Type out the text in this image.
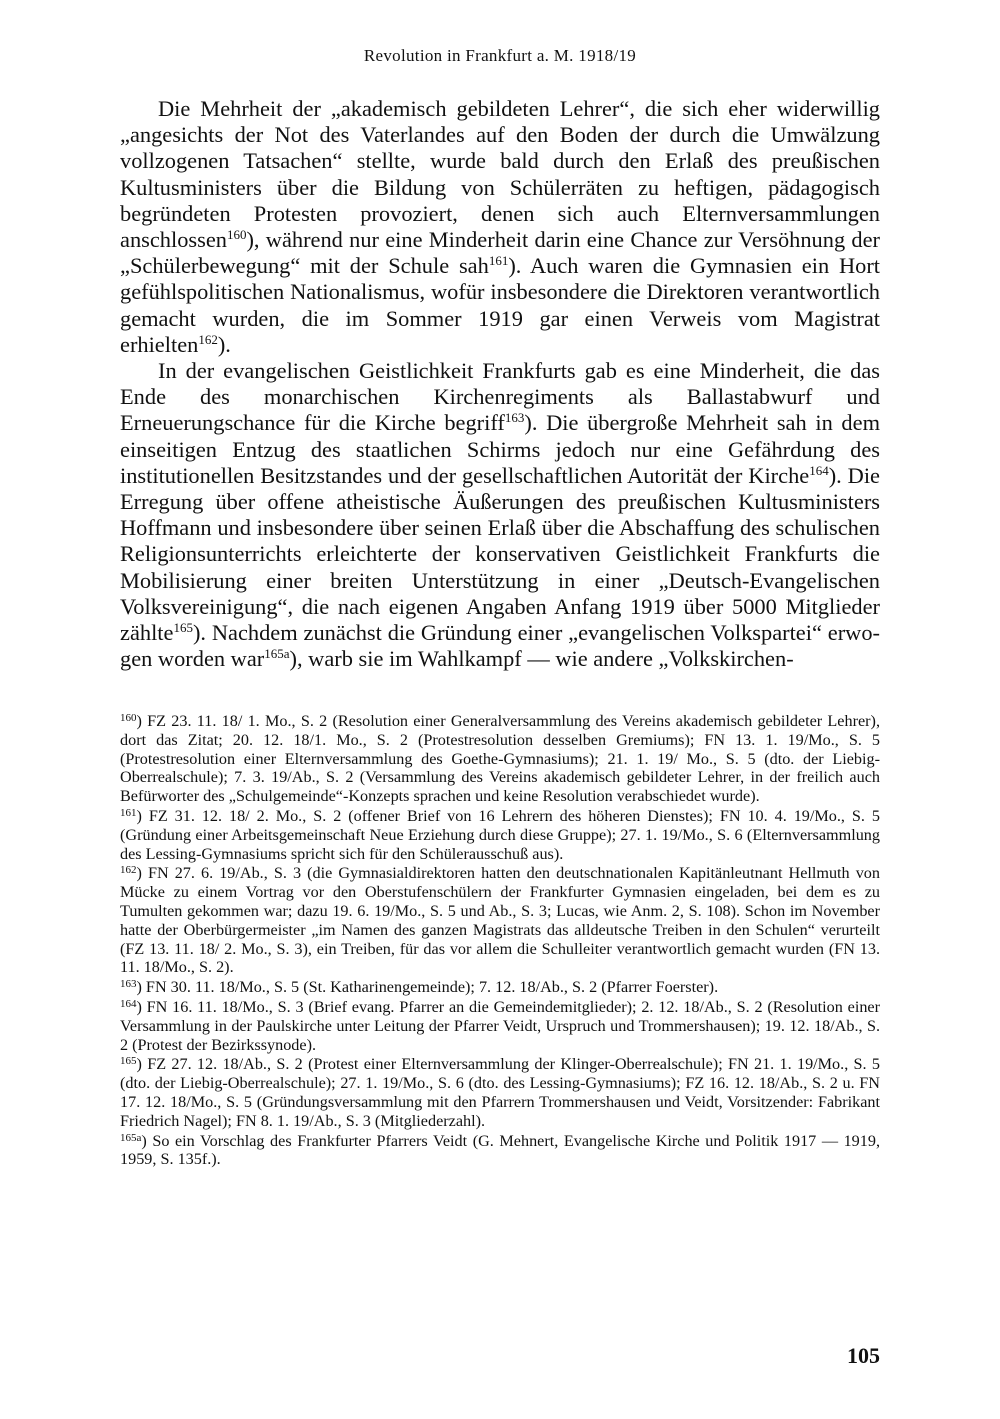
Revolution in Frankfurt a. M. 1918/19

Die Mehrheit der „akademisch gebildeten Lehrer“, die sich eher widerwillig „angesichts der Not des Vaterlandes auf den Boden der durch die Umwälzung vollzogenen Tatsachen“ stellte, wurde bald durch den Erlaß des preußischen Kultusministers über die Bildung von Schülerräten zu heftigen, pädagogisch begründeten Protesten provoziert, denen sich auch Elternversammlungen anschlossen$^{160}$), während nur eine Minderheit darin eine Chance zur Versöhnung der „Schülerbewegung“ mit der Schule sah$^{161}$). Auch waren die Gymnasien ein Hort gefühlspolitischen Nationalismus, wofür insbesondere die Direktoren verantwortlich gemacht wurden, die im Sommer 1919 gar einen Verweis vom Magistrat erhielten$^{162}$).

In der evangelischen Geistlichkeit Frankfurts gab es eine Minderheit, die das Ende des monarchischen Kirchenregiments als Ballastabwurf und Erneuerungschance für die Kirche begriff$^{163}$). Die übergroße Mehrheit sah in dem einseitigen Entzug des staatlichen Schirms jedoch nur eine Gefährdung des institutionellen Besitzstandes und der gesellschaftlichen Autorität der Kirche$^{164}$). Die Erregung über offene atheistische Äußerungen des preußischen Kultusministers Hoffmann und insbesondere über seinen Erlaß über die Abschaffung des schulischen Religionsunterrichts erleichterte der konservativen Geistlichkeit Frankfurts die Mobilisierung einer breiten Unterstützung in einer „Deutsch-Evangelischen Volksvereinigung“, die nach eigenen Angaben Anfang 1919 über 5000 Mitglieder zählte$^{165}$). Nachdem zunächst die Gründung einer „evangelischen Volkspartei“ erwogen worden war$^{165a}$), warb sie im Wahlkampf — wie andere „Volkskirchen-

$^{160}$) FZ 23. 11. 18/ 1. Mo., S. 2 (Resolution einer Generalversammlung des Vereins akademisch gebildeter Lehrer), dort das Zitat; 20. 12. 18/1. Mo., S. 2 (Protestresolution desselben Gremiums); FN 13. 1. 19/Mo., S. 5 (Protestresolution einer Elternversammlung des Goethe-Gymnasiums); 21. 1. 19/ Mo., S. 5 (dto. der Liebig-Oberrealschule); 7. 3. 19/Ab., S. 2 (Versammlung des Vereins akademisch gebildeter Lehrer, in der freilich auch Befürworter des „Schulgemeinde“-Konzepts sprachen und keine Resolution verabschiedet wurde).

$^{161}$) FZ 31. 12. 18/ 2. Mo., S. 2 (offener Brief von 16 Lehrern des höheren Dienstes); FN 10. 4. 19/Mo., S. 5 (Gründung einer Arbeitsgemeinschaft Neue Erziehung durch diese Gruppe); 27. 1. 19/Mo., S. 6 (Elternversammlung des Lessing-Gymnasiums spricht sich für den Schülerausschuß aus).

$^{162}$) FN 27. 6. 19/Ab., S. 3 (die Gymnasialdirektoren hatten den deutschnationalen Kapitänleutnant Hellmuth von Mücke zu einem Vortrag vor den Oberstufenschülern der Frankfurter Gymnasien eingeladen, bei dem es zu Tumulten gekommen war; dazu 19. 6. 19/Mo., S. 5 und Ab., S. 3; Lucas, wie Anm. 2, S. 108). Schon im November hatte der Oberbürgermeister „im Namen des ganzen Magistrats das alldeutsche Treiben in den Schulen“ verurteilt (FZ 13. 11. 18/ 2. Mo., S. 3), ein Treiben, für das vor allem die Schulleiter verantwortlich gemacht wurden (FN 13. 11. 18/Mo., S. 2).

$^{163}$) FN 30. 11. 18/Mo., S. 5 (St. Katharinengemeinde); 7. 12. 18/Ab., S. 2 (Pfarrer Foerster).

$^{164}$) FN 16. 11. 18/Mo., S. 3 (Brief evang. Pfarrer an die Gemeindemitglieder); 2. 12. 18/Ab., S. 2 (Resolution einer Versammlung in der Paulskirche unter Leitung der Pfarrer Veidt, Urspruch und Trommershausen); 19. 12. 18/Ab., S. 2 (Protest der Bezirkssynode).

$^{165}$) FZ 27. 12. 18/Ab., S. 2 (Protest einer Elternversammlung der Klinger-Oberrealschule); FN 21. 1. 19/Mo., S. 5 (dto. der Liebig-Oberrealschule); 27. 1. 19/Mo., S. 6 (dto. des Lessing-Gymnasiums); FZ 16. 12. 18/Ab., S. 2 u. FN 17. 12. 18/Mo., S. 5 (Gründungsversammlung mit den Pfarrern Trommershausen und Veidt, Vorsitzender: Fabrikant Friedrich Nagel); FN 8. 1. 19/Ab., S. 3 (Mitgliederzahl).

$^{165a}$) So ein Vorschlag des Frankfurter Pfarrers Veidt (G. Mehnert, Evangelische Kirche und Politik 1917 — 1919, 1959, S. 135f.).

105
